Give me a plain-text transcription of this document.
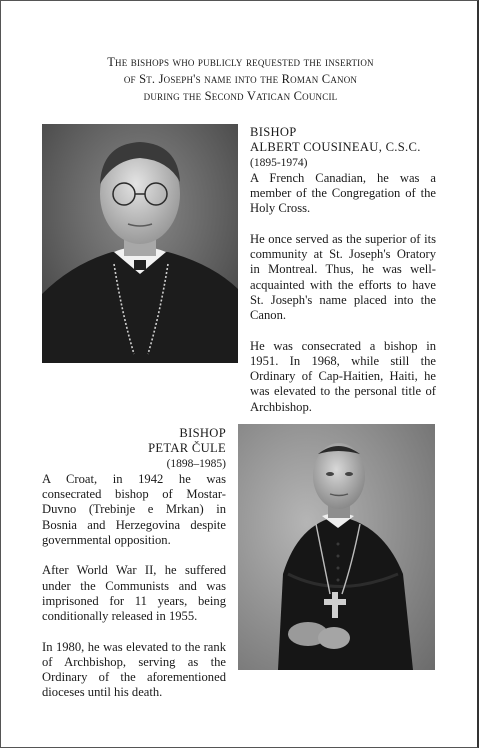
The bishops who publicly requested the insertion
of St. Joseph's name into the Roman Canon
during the Second Vatican Council
BISHOP
ALBERT COUSINEAU, C.S.C.
(1895-1974)

A French Canadian, he was a member of the Congregation of the Holy Cross.

He once served as the superior of its community at St. Joseph's Oratory in Montreal. Thus, he was well-acquainted with the efforts to have St. Joseph's name placed into the Canon.

He was consecrated a bishop in 1951. In 1968, while still the Ordinary of Cap-Haitien, Haiti, he was elevated to the personal title of Archbishop.

BISHOP
PETAR ČULE
(1898–1985)

A Croat, in 1942 he was consecrated bishop of Mostar-Duvno (Trebinje e Mrkan) in Bosnia and Herzegovina despite governmental opposition.

After World War II, he suffered under the Communists and was imprisoned for 11 years, being conditionally released in 1955.

In 1980, he was elevated to the rank of Archbishop, serving as the Ordinary of the aforementioned dioceses until his death.
